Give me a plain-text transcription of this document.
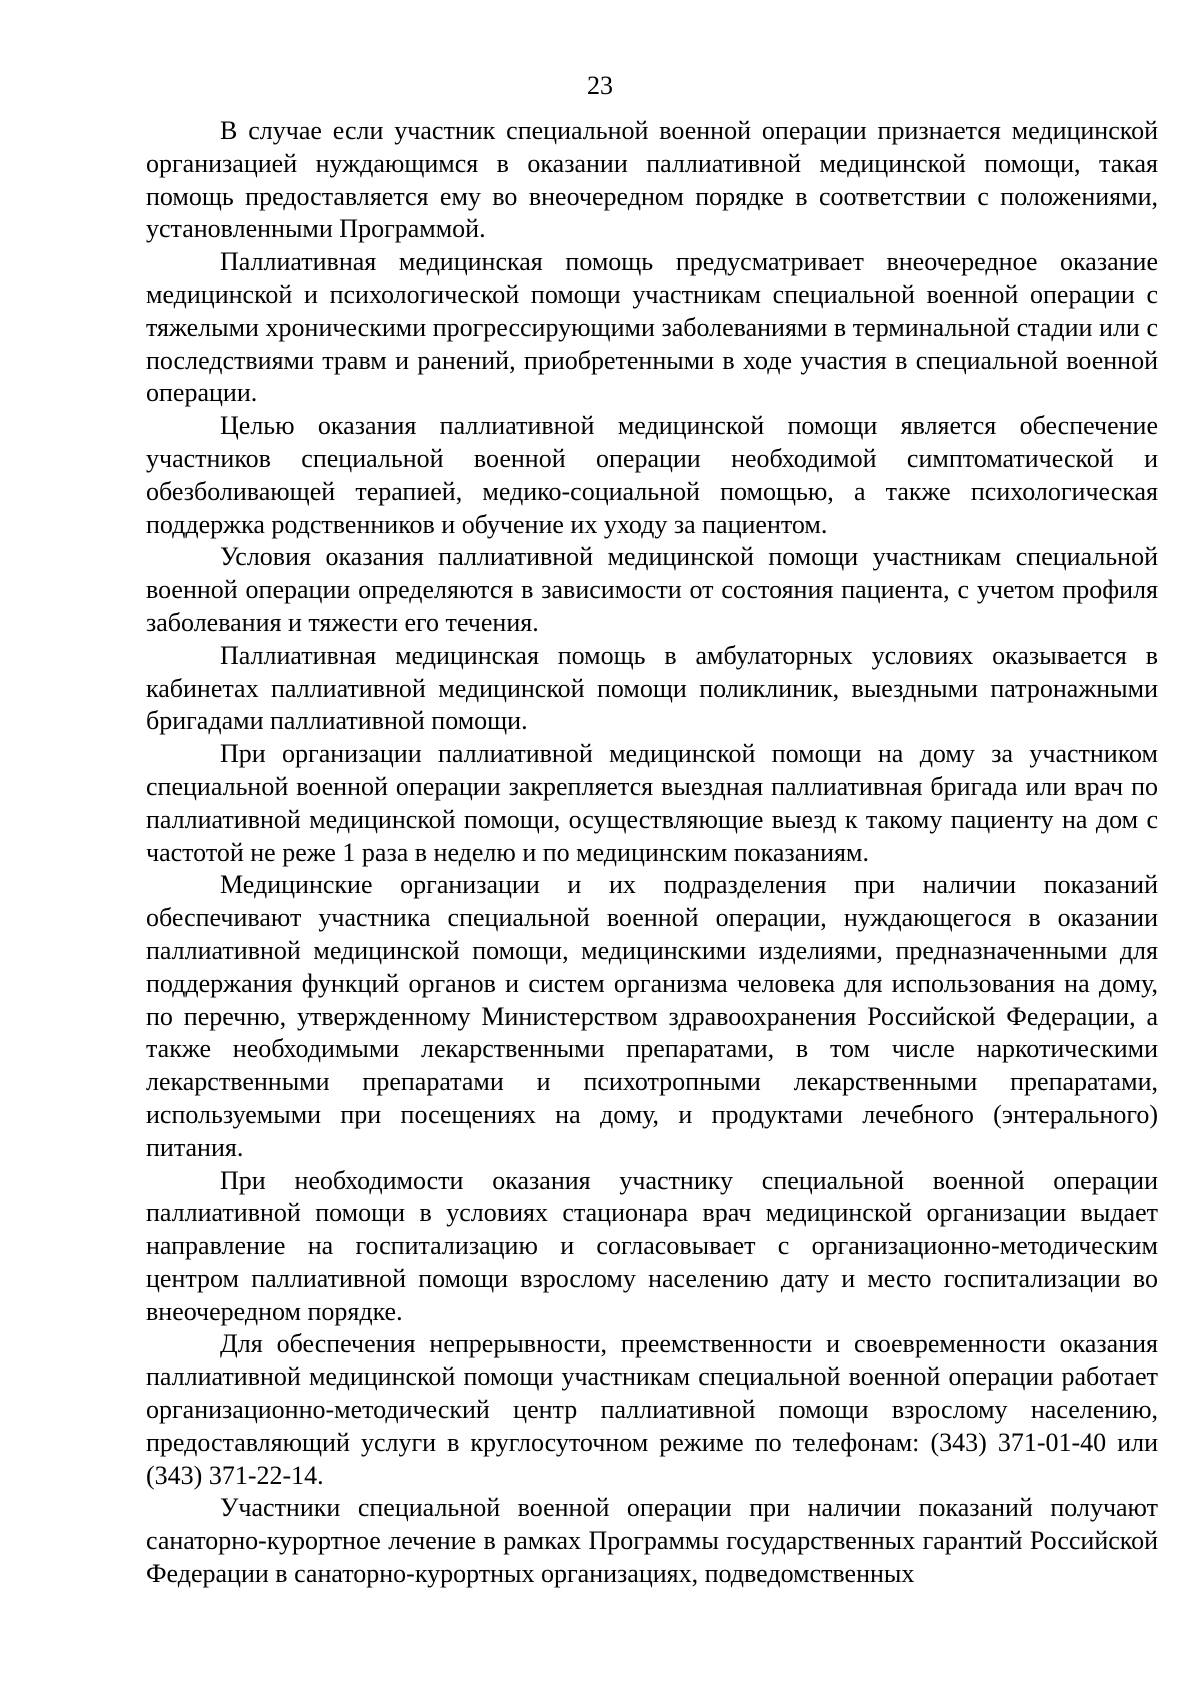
23

В случае если участник специальной военной операции признается медицинской организацией нуждающимся в оказании паллиативной медицинской помощи, такая помощь предоставляется ему во внеочередном порядке в соответствии с положениями, установленными Программой.

Паллиативная медицинская помощь предусматривает внеочередное оказание медицинской и психологической помощи участникам специальной военной операции с тяжелыми хроническими прогрессирующими заболеваниями в терминальной стадии или с последствиями травм и ранений, приобретенными в ходе участия в специальной военной операции.

Целью оказания паллиативной медицинской помощи является обеспечение участников специальной военной операции необходимой симптоматической и обезболивающей терапией, медико-социальной помощью, а также психологическая поддержка родственников и обучение их уходу за пациентом.

Условия оказания паллиативной медицинской помощи участникам специальной военной операции определяются в зависимости от состояния пациента, с учетом профиля заболевания и тяжести его течения.

Паллиативная медицинская помощь в амбулаторных условиях оказывается в кабинетах паллиативной медицинской помощи поликлиник, выездными патронажными бригадами паллиативной помощи.

При организации паллиативной медицинской помощи на дому за участником специальной военной операции закрепляется выездная паллиативная бригада или врач по паллиативной медицинской помощи, осуществляющие выезд к такому пациенту на дом с частотой не реже 1 раза в неделю и по медицинским показаниям.

Медицинские организации и их подразделения при наличии показаний обеспечивают участника специальной военной операции, нуждающегося в оказании паллиативной медицинской помощи, медицинскими изделиями, предназначенными для поддержания функций органов и систем организма человека для использования на дому, по перечню, утвержденному Министерством здравоохранения Российской Федерации, а также необходимыми лекарственными препаратами, в том числе наркотическими лекарственными препаратами и психотропными лекарственными препаратами, используемыми при посещениях на дому, и продуктами лечебного (энтерального) питания.

При необходимости оказания участнику специальной военной операции паллиативной помощи в условиях стационара врач медицинской организации выдает направление на госпитализацию и согласовывает с организационно-методическим центром паллиативной помощи взрослому населению дату и место госпитализации во внеочередном порядке.

Для обеспечения непрерывности, преемственности и своевременности оказания паллиативной медицинской помощи участникам специальной военной операции работает организационно-методический центр паллиативной помощи взрослому населению, предоставляющий услуги в круглосуточном режиме по телефонам: (343) 371-01-40 или (343) 371-22-14.

Участники специальной военной операции при наличии показаний получают санаторно-курортное лечение в рамках Программы государственных гарантий Российской Федерации в санаторно-курортных организациях, подведомственных
